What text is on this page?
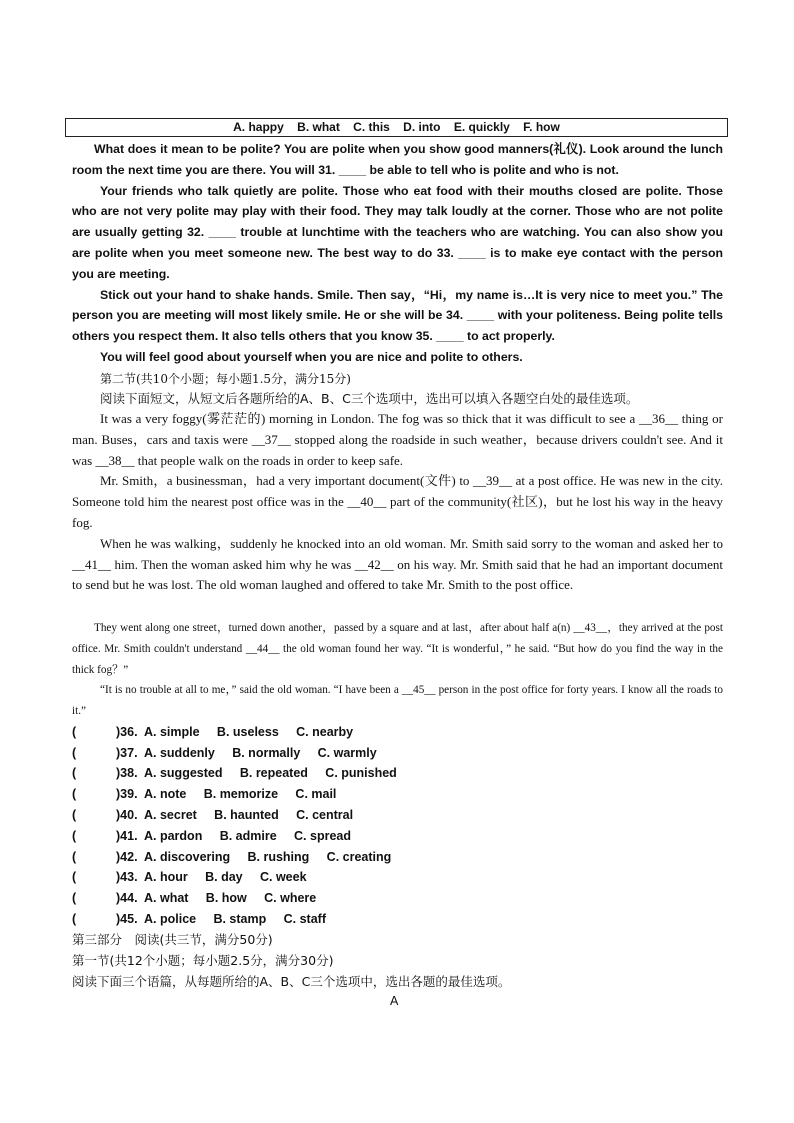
A. happy    B. what    C. this    D. into    E. quickly    F. how

What does it mean to be polite? You are polite when you show good manners(礼仪). Look around the lunch room the next time you are there. You will 31. ____ be able to tell who is polite and who is not.

Your friends who talk quietly are polite. Those who eat food with their mouths closed are polite. Those who are not very polite may play with their food. They may talk loudly at the corner. Those who are not polite are usually getting 32. ____ trouble at lunchtime with the teachers who are watching. You can also show you are polite when you meet someone new. The best way to do 33. ____ is to make eye contact with the person you are meeting.

Stick out your hand to shake hands. Smile. Then say，“Hi，my name is…It is very nice to meet you.” The person you are meeting will most likely smile. He or she will be 34. ____ with your politeness. Being polite tells others you respect them. It also tells others that you know 35. ____ to act properly.

You will feel good about yourself when you are nice and polite to others.

第二节(共10个小题；每小题1.5分，满分15分)

阅读下面短文，从短文后各题所给的A、B、C三个选项中，选出可以填入各题空白处的最佳选项。

It was a very foggy(雾茫茫的) morning in London. The fog was so thick that it was difficult to see a __36__ thing or man. Buses，cars and taxis were __37__ stopped along the roadside in such weather，because drivers couldn't see. And it was __38__ that people walk on the roads in order to keep safe.

Mr. Smith，a businessman，had a very important document(文件) to __39__ at a post office. He was new in the city. Someone told him the nearest post office was in the __40__ part of the community(社区)，but he lost his way in the heavy fog.

When he was walking，suddenly he knocked into an old woman. Mr. Smith said sorry to the woman and asked her to __41__ him. Then the woman asked him why he was __42__ on his way. Mr. Smith said that he had an important document to send but he was lost. The old woman laughed and offered to take Mr. Smith to the post office.

They went along one street，turned down another，passed by a square and at last，after about half a(n) __43__，they arrived at the post office. Mr. Smith couldn't understand __44__ the old woman found her way. “It is wonderful，” he said. “But how do you find the way in the thick fog？”

“It is no trouble at all to me，” said the old woman. “I have been a __45__ person in the post office for forty years. I know all the roads to it.”

(	)36. A. simple     B. useless     C. nearby
(	)37. A. suddenly     B. normally     C. warmly
(	)38. A. suggested     B. repeated     C. punished
(	)39. A. note     B. memorize     C. mail
(	)40. A. secret     B. haunted     C. central
(	)41. A. pardon     B. admire     C. spread
(	)42. A. discovering     B. rushing     C. creating
(	)43. A. hour     B. day     C. week
(	)44. A. what     B. how     C. where
(	)45. A. police     B. stamp     C. staff

第三部分　阅读(共三节，满分50分)

第一节(共12个小题；每小题2.5分，满分30分)

阅读下面三个语篇，从每题所给的A、B、C三个选项中，选出各题的最佳选项。

A
